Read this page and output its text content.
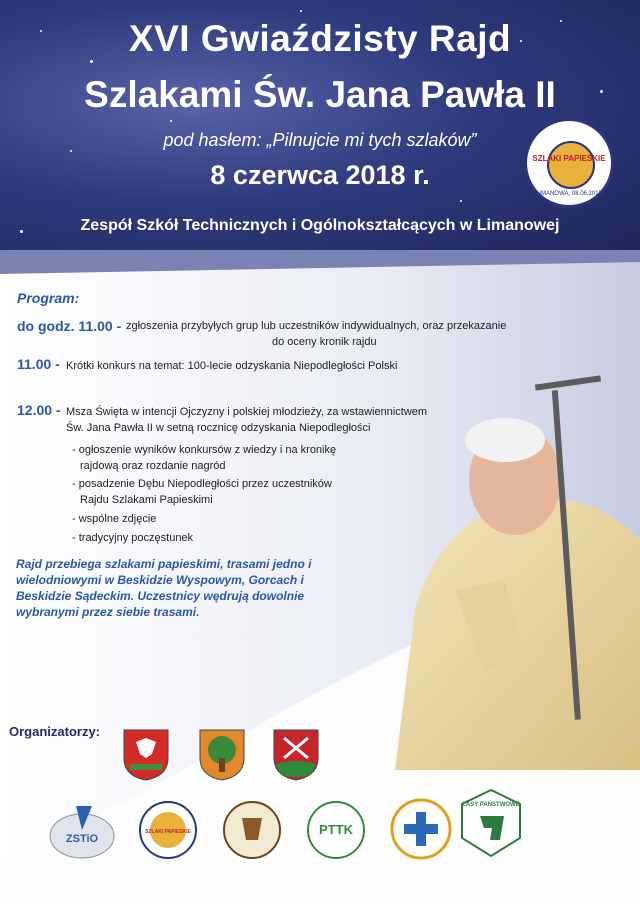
XVI Gwiaździsty Rajd
Szlakami Św. Jana Pawła II
pod hasłem: „Pilnujcie mi tych szlaków”
8 czerwca 2018 r.
Zespół Szkół Technicznych i Ogólnokształcących w Limanowej
SZLAKI PAPIESKIE
LIMANOWA, 08.06.2018
Program:
do godz. 11.00 - zgłoszenia przybyłych grup lub uczestników indywidualnych, oraz przekazanie
do oceny kronik rajdu
11.00 - Krótki konkurs na temat: 100-lecie odzyskania Niepodległości Polski
12.00 - Msza Święta w intencji Ojczyzny i polskiej młodzieży, za wstawiennictwem
Św. Jana Pawła II w setną rocznicę odzyskania Niepodległości
- ogłoszenie wyników konkursów z wiedzy i na kronikę
rajdową oraz rozdanie nagród
- posadzenie Dębu Niepodległości przez uczestników
Rajdu Szlakami Papieskimi
- wspólne zdjęcie
- tradycyjny poczęstunek
Rajd przebiega szlakami papieskimi, trasami jedno i wielodniowymi w Beskidzie Wyspowym, Gorcach i Beskidzie Sądeckim. Uczestnicy wędrują dowolnie wybranymi przez siebie trasami.
Organizatorzy:
ZSTiO
SZLAKI PAPIESKIE	PTTK
LASY PAŃSTWOWE
